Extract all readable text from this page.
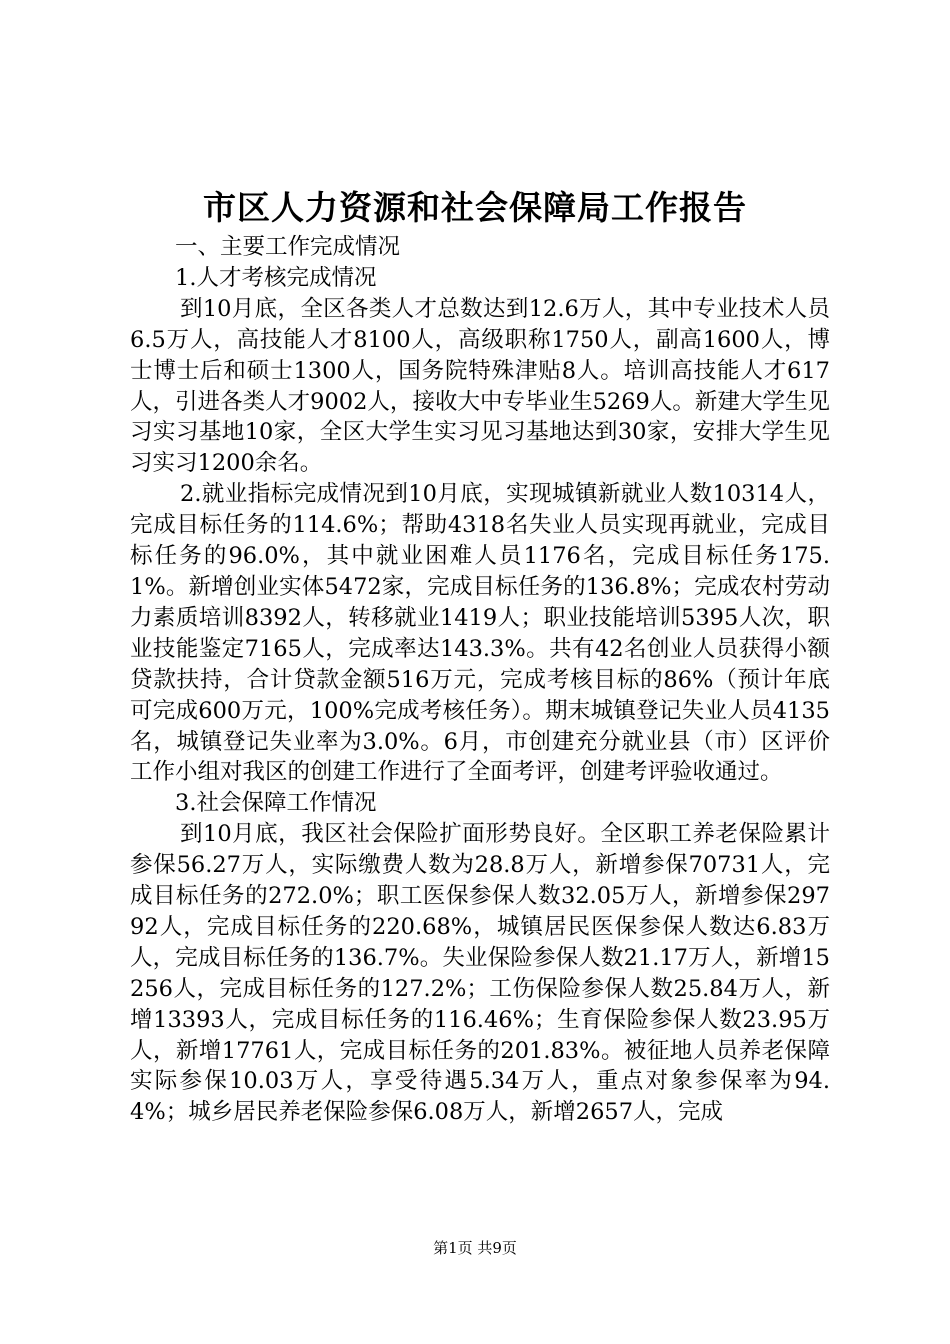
市区人力资源和社会保障局工作报告

一、主要工作完成情况

1.人才考核完成情况

到10月底，全区各类人才总数达到12.6万人，其中专业技术人员6.5万人，高技能人才8100人，高级职称1750人，副高1600人，博士博士后和硕士1300人，国务院特殊津贴8人。培训高技能人才617人，引进各类人才9002人，接收大中专毕业生5269人。新建大学生见习实习基地10家，全区大学生实习见习基地达到30家，安排大学生见习实习1200余名。

2.就业指标完成情况到10月底，实现城镇新就业人数10314人，完成目标任务的114.6%；帮助4318名失业人员实现再就业，完成目标任务的96.0%，其中就业困难人员1176名，完成目标任务175.1%。新增创业实体5472家，完成目标任务的136.8%；完成农村劳动力素质培训8392人，转移就业1419人；职业技能培训5395人次，职业技能鉴定7165人，完成率达143.3%。共有42名创业人员获得小额贷款扶持，合计贷款金额516万元，完成考核目标的86%（预计年底可完成600万元，100%完成考核任务）。期末城镇登记失业人员4135名，城镇登记失业率为3.0%。6月，市创建充分就业县（市）区评价工作小组对我区的创建工作进行了全面考评，创建考评验收通过。

3.社会保障工作情况

到10月底，我区社会保险扩面形势良好。全区职工养老保险累计参保56.27万人，实际缴费人数为28.8万人，新增参保70731人，完成目标任务的272.0%；职工医保参保人数32.05万人，新增参保29792人，完成目标任务的220.68%，城镇居民医保参保人数达6.83万人，完成目标任务的136.7%。失业保险参保人数21.17万人，新增15256人，完成目标任务的127.2%；工伤保险参保人数25.84万人，新增13393人，完成目标任务的116.46%；生育保险参保人数23.95万人，新增17761人，完成目标任务的201.83%。被征地人员养老保障实际参保10.03万人，享受待遇5.34万人，重点对象参保率为94.4%；城乡居民养老保险参保6.08万人，新增2657人，完成

第1页 共9页
